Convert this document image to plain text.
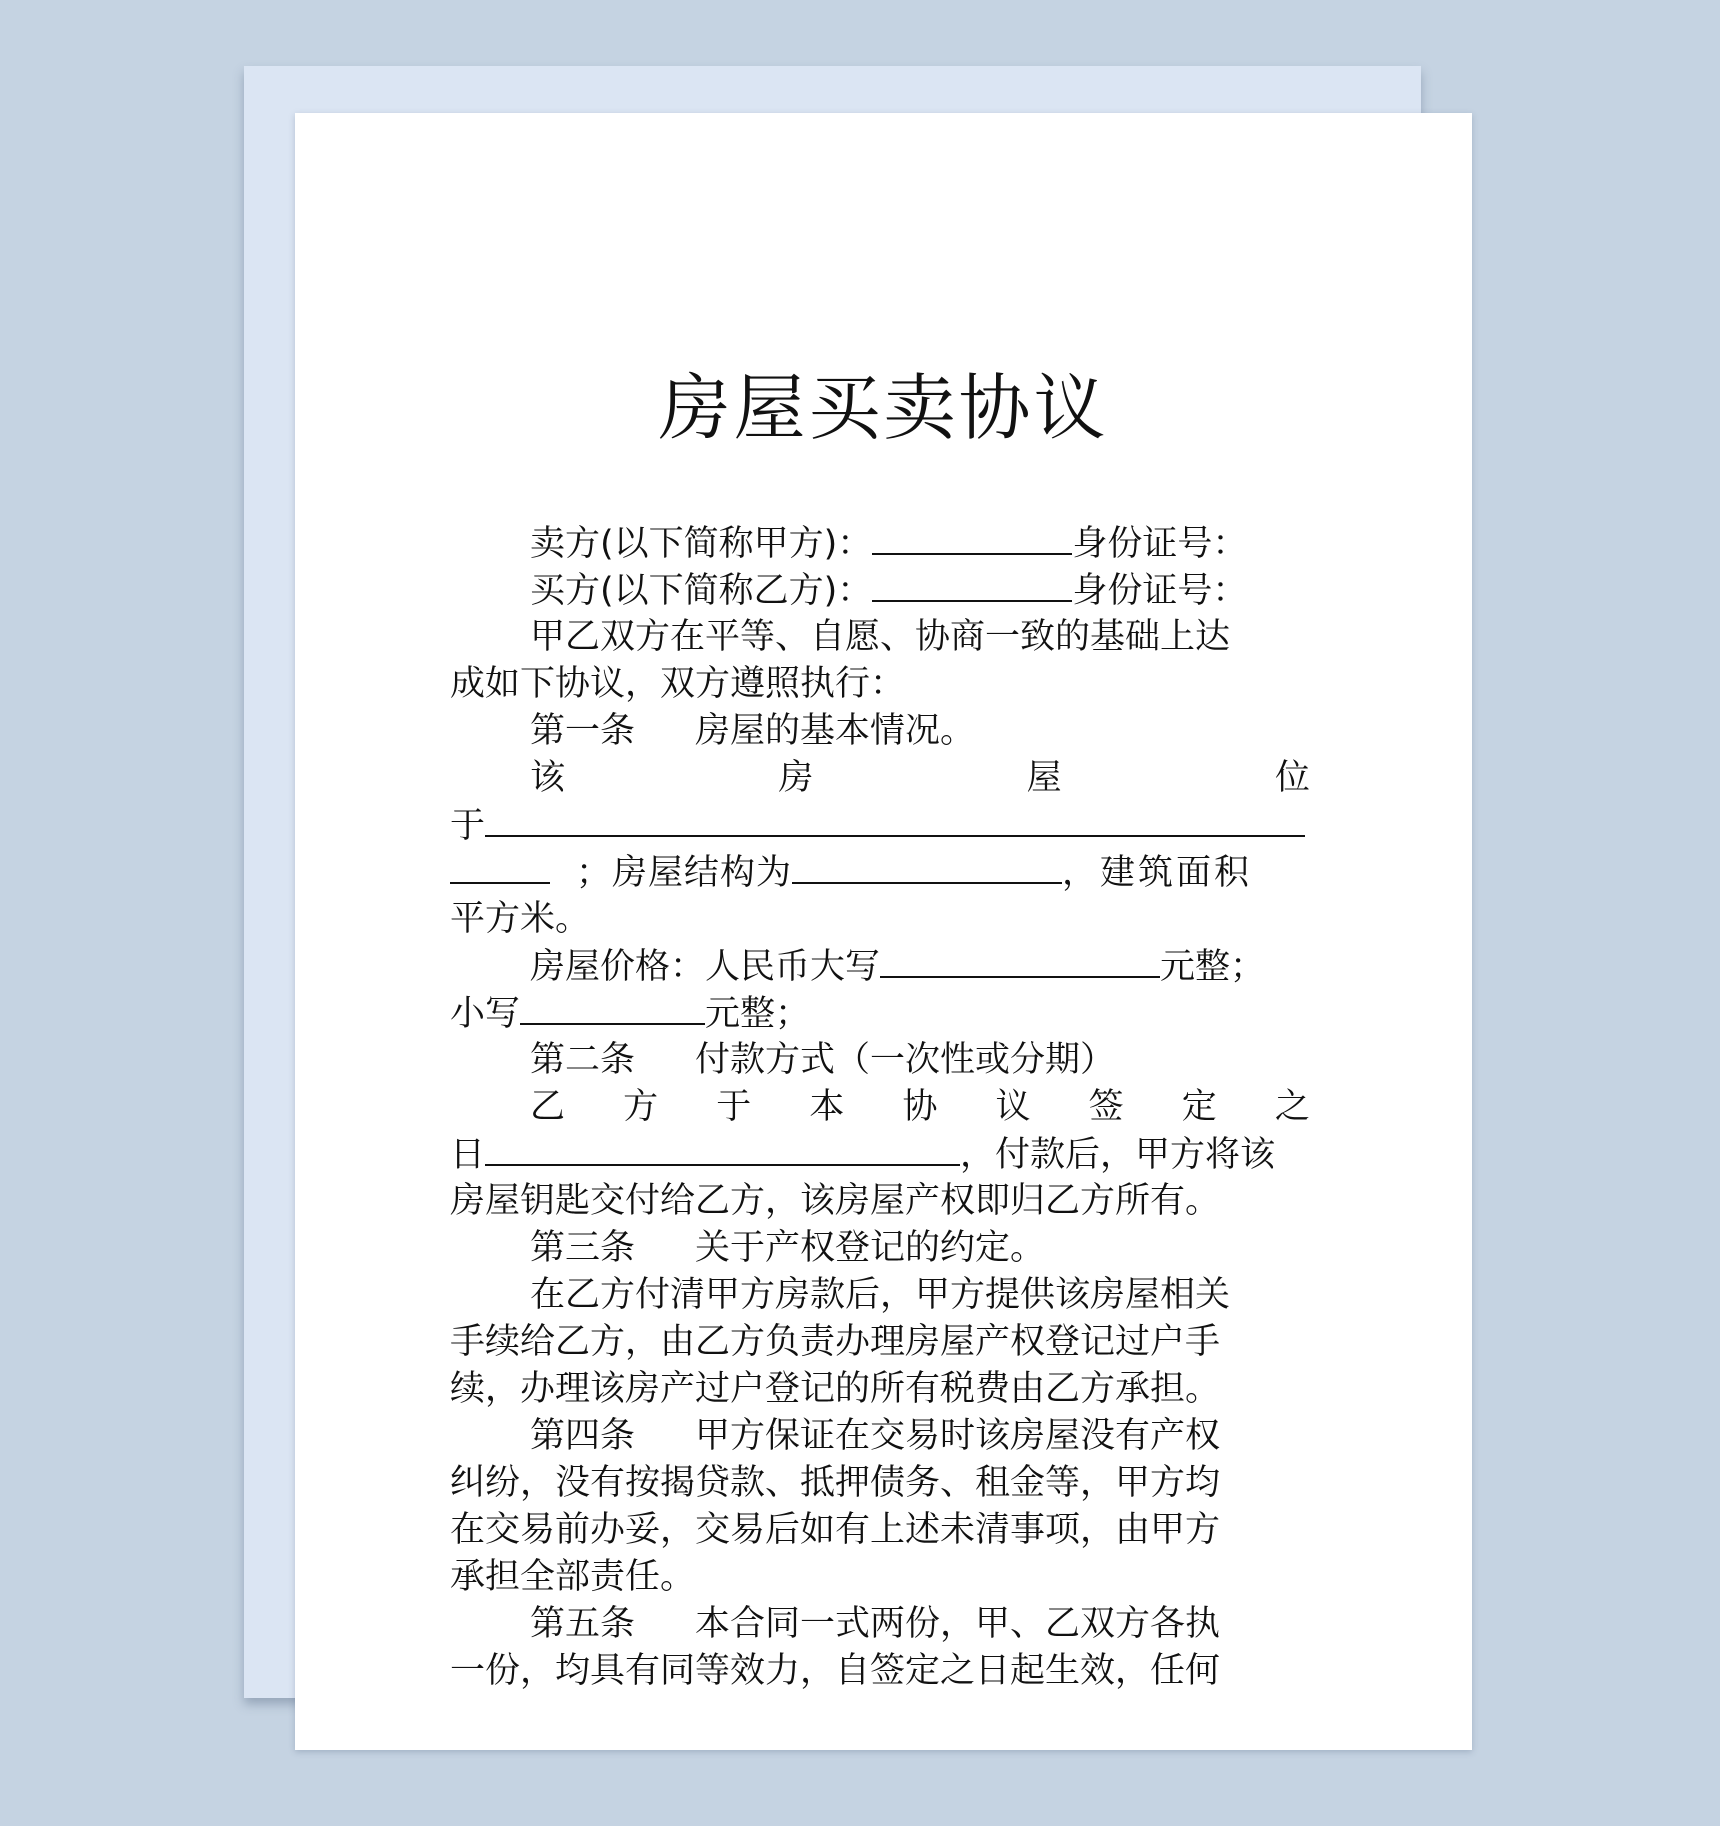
房屋买卖协议
卖方(以下简称甲方)：	身份证号：
买方(以下简称乙方)：	身份证号：
甲乙双方在平等、自愿、协商一致的基础上达
成如下协议，双方遵照执行：
第一条 房屋的基本情况。
该	房	屋	位
于
；房屋结构为	，建筑面积
平方米。
房屋价格：人民币大写	元整；
小写	元整；
第二条 付款方式（一次性或分期）
乙 方 于 本 协 议 签 定 之
日	，付款后，甲方将该
房屋钥匙交付给乙方，该房屋产权即归乙方所有。
第三条 关于产权登记的约定。
在乙方付清甲方房款后，甲方提供该房屋相关
手续给乙方，由乙方负责办理房屋产权登记过户手
续，办理该房产过户登记的所有税费由乙方承担。
第四条 甲方保证在交易时该房屋没有产权
纠纷，没有按揭贷款、抵押债务、租金等，甲方均
在交易前办妥，交易后如有上述未清事项，由甲方
承担全部责任。
第五条 本合同一式两份，甲、乙双方各执
一份，均具有同等效力，自签定之日起生效，任何
